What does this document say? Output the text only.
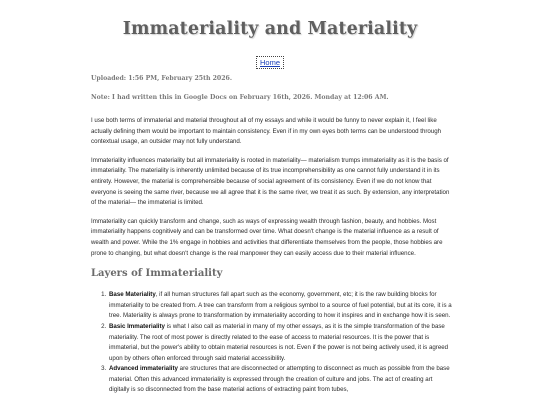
Immateriality and Materiality
Home

Uploaded: 1:56 PM, February 25th 2026.

Note: I had written this in Google Docs on February 16th, 2026. Monday at 12:06 AM.

I use both terms of immaterial and material throughout all of my essays and while it would be funny to never explain it, I feel like actually defining them would be important to maintain consistency. Even if in my own eyes both terms can be understood through contextual usage, an outsider may not fully understand.

Immateriality influences materiality but all immateriality is rooted in materiality— materialism trumps immateriality as it is the basis of immateriality. The materiality is inherently unlimited because of its true incomprehensibility as one cannot fully understand it in its entirety. However, the material is comprehensible because of social agreement of its consistency. Even if we do not know that everyone is seeing the same river, because we all agree that it is the same river, we treat it as such. By extension, any interpretation of the material— the immaterial is limited.

Immateriality can quickly transform and change, such as ways of expressing wealth through fashion, beauty, and hobbies. Most immateriality happens cognitively and can be transformed over time. What doesn't change is the material influence as a result of wealth and power. While the 1% engage in hobbies and activities that differentiate themselves from the people, those hobbies are prone to changing, but what doesn't change is the real manpower they can easily access due to their material influence.

Layers of Immateriality
1. Base Materiality, if all human structures fall apart such as the economy, government, etc; it is the raw building blocks for immateriality to be created from. A tree can transform from a religious symbol to a source of fuel potential, but at its core, it is a tree. Materiality is always prone to transformation by immateriality according to how it inspires and in exchange how it is seen.
2. Basic Immateriality is what I also call as material in many of my other essays, as it is the simple transformation of the base materiality. The root of most power is directly related to the ease of access to material resources. It is the power that is immaterial, but the power's ability to obtain material resources is not. Even if the power is not being actively used, it is agreed upon by others often enforced through said material accessibility.
3. Advanced immateriality are structures that are disconnected or attempting to disconnect as much as possible from the base material. Often this advanced immateriality is expressed through the creation of culture and jobs. The act of creating art digitally is so disconnected from the base material actions of extracting paint from tubes,
